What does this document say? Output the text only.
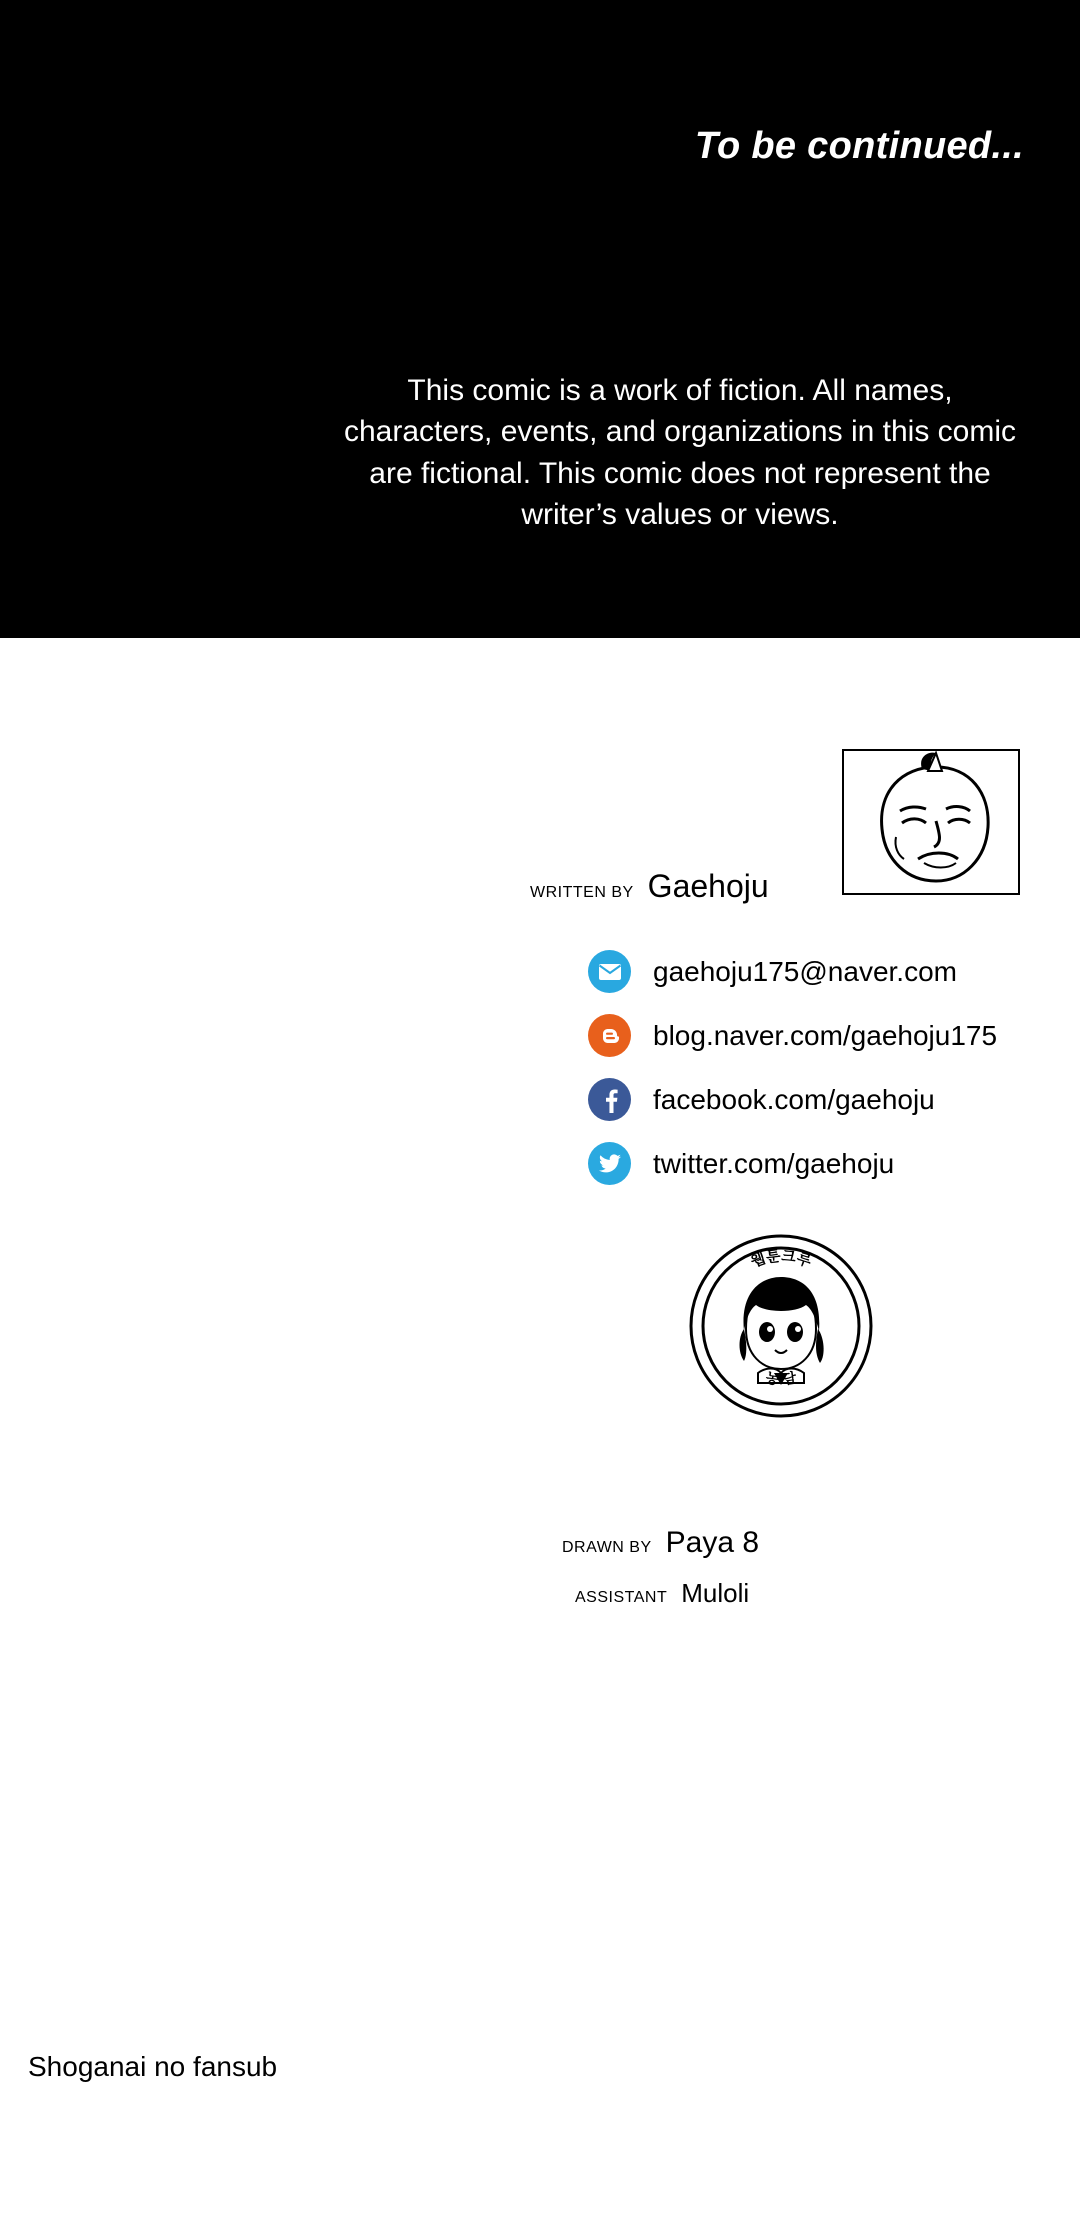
To be continued...
This comic is a work of fiction. All names, characters, events, and organizations in this comic are fictional. This comic does not represent the writer’s values or views.
WRITTEN BY Gaehoju
gaehoju175@naver.com
blog.naver.com/gaehoju175
facebook.com/gaehoju
twitter.com/gaehoju
웹툰크루
농 담
Shoganai no fansub
DRAWN BY Paya 8
ASSISTANT Muloli
